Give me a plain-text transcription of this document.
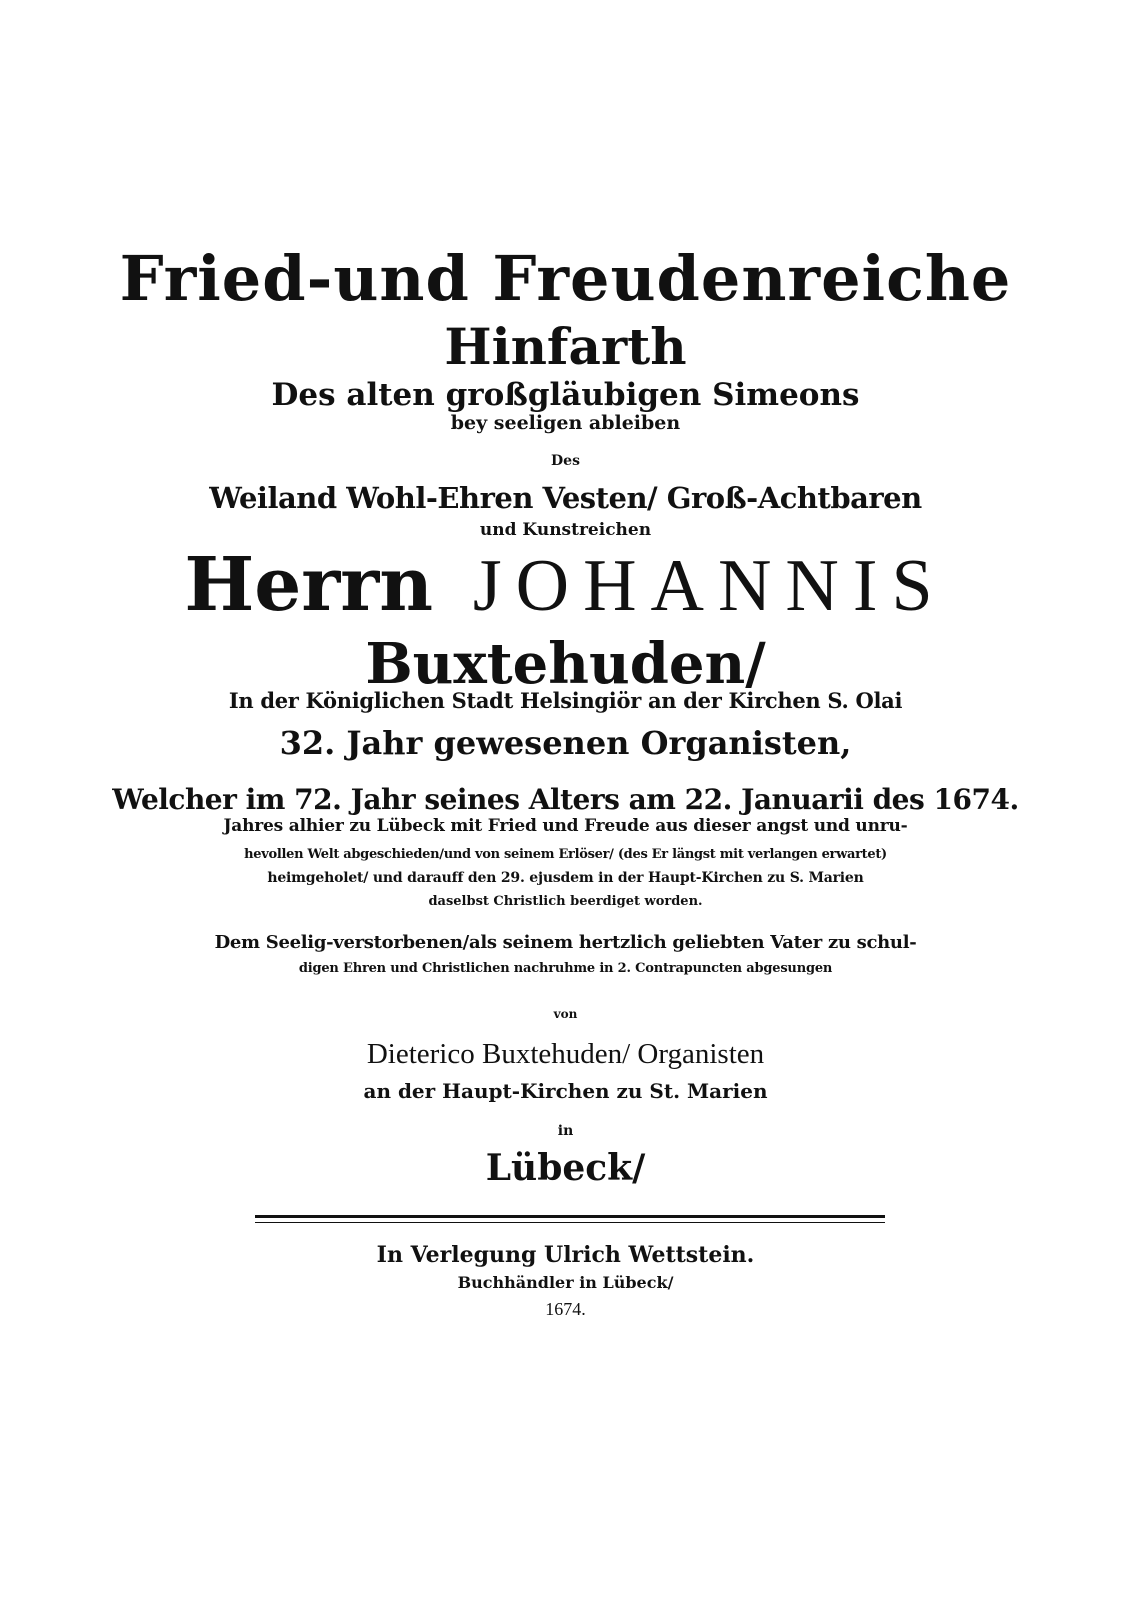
Fried-und Freudenreiche
Hinfarth
Des alten großgläubigen Simeons
bey seeligen ableiben
Des
Weiland Wohl-Ehren Vesten/ Groß-Achtbaren
und Kunstreichen
Herrn JOHANNIS
Buxtehuden/
In der Königlichen Stadt Helsingiör an der Kirchen S. Olai
32. Jahr gewesenen Organisten,
Welcher im 72. Jahr seines Alters am 22. Januarii des 1674.
Jahres alhier zu Lübeck mit Fried und Freude aus dieser angst und unru-
hevollen Welt abgeschieden/und von seinem Erlöser/ (des Er längst mit verlangen erwartet)
heimgeholet/ und darauff den 29. ejusdem in der Haupt-Kirchen zu S. Marien
daselbst Christlich beerdiget worden.
Dem Seelig-verstorbenen/als seinem hertzlich geliebten Vater zu schul-
digen Ehren und Christlichen nachruhme in 2. Contrapuncten abgesungen
von
Dieterico Buxtehuden/ Organisten
an der Haupt-Kirchen zu St. Marien
in
Lübeck/
In Verlegung Ulrich Wettstein.
Buchhändler in Lübeck/
1674.
